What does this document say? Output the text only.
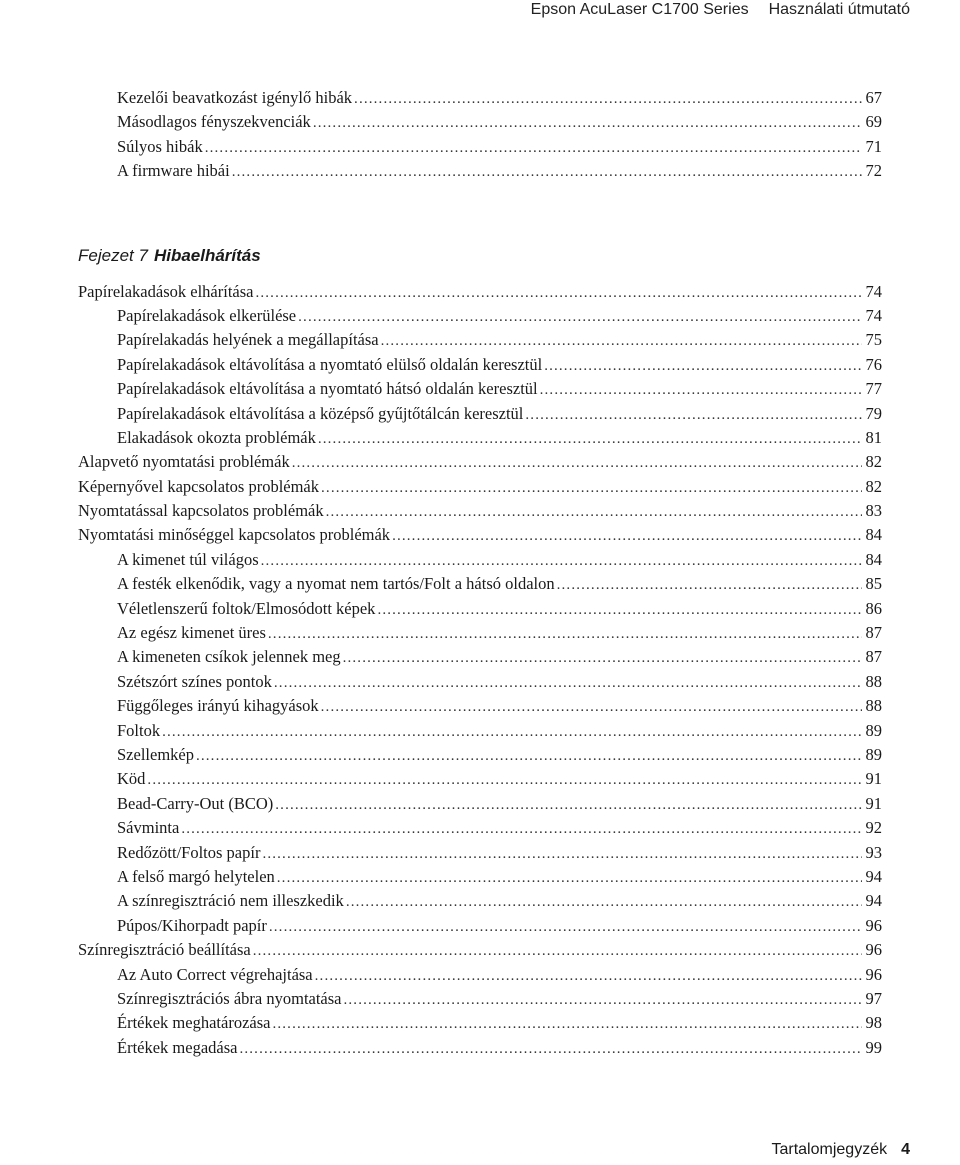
Epson AcuLaser C1700 Series Használati útmutató
Kezelői beavatkozást igénylő hibák . . .	67
Másodlagos fényszekvenciák . . .	69
Súlyos hibák . . .	71
A firmware hibái . . .	72
Fejezet 7 Hibaelhárítás
Papírelakadások elhárítása . . .	74
Papírelakadások elkerülése . . .	74
Papírelakadás helyének a megállapítása . . .	75
Papírelakadások eltávolítása a nyomtató elülső oldalán keresztül . . .	76
Papírelakadások eltávolítása a nyomtató hátsó oldalán keresztül . . .	77
Papírelakadások eltávolítása a középső gyűjtőtálcán keresztül . . .	79
Elakadások okozta problémák . . .	81
Alapvető nyomtatási problémák . . .	82
Képernyővel kapcsolatos problémák . . .	82
Nyomtatással kapcsolatos problémák . . .	83
Nyomtatási minőséggel kapcsolatos problémák . . .	84
A kimenet túl világos . . .	84
A festék elkenődik, vagy a nyomat nem tartós/Folt a hátsó oldalon . . .	85
Véletlenszerű foltok/Elmosódott képek . . .	86
Az egész kimenet üres . . .	87
A kimeneten csíkok jelennek meg . . .	87
Szétszórt színes pontok . . .	88
Függőleges irányú kihagyások . . .	88
Foltok . . .	89
Szellemkép . . .	89
Köd . . .	91
Bead-Carry-Out (BCO) . . .	91
Sávminta . . .	92
Redőzött/Foltos papír . . .	93
A felső margó helytelen . . .	94
A színregisztráció nem illeszkedik . . .	94
Púpos/Kihorpadt papír . . .	96
Színregisztráció beállítása . . .	96
Az Auto Correct végrehajtása . . .	96
Színregisztrációs ábra nyomtatása . . .	97
Értékek meghatározása . . .	98
Értékek megadása . . .	99
Tartalomjegyzék 4
